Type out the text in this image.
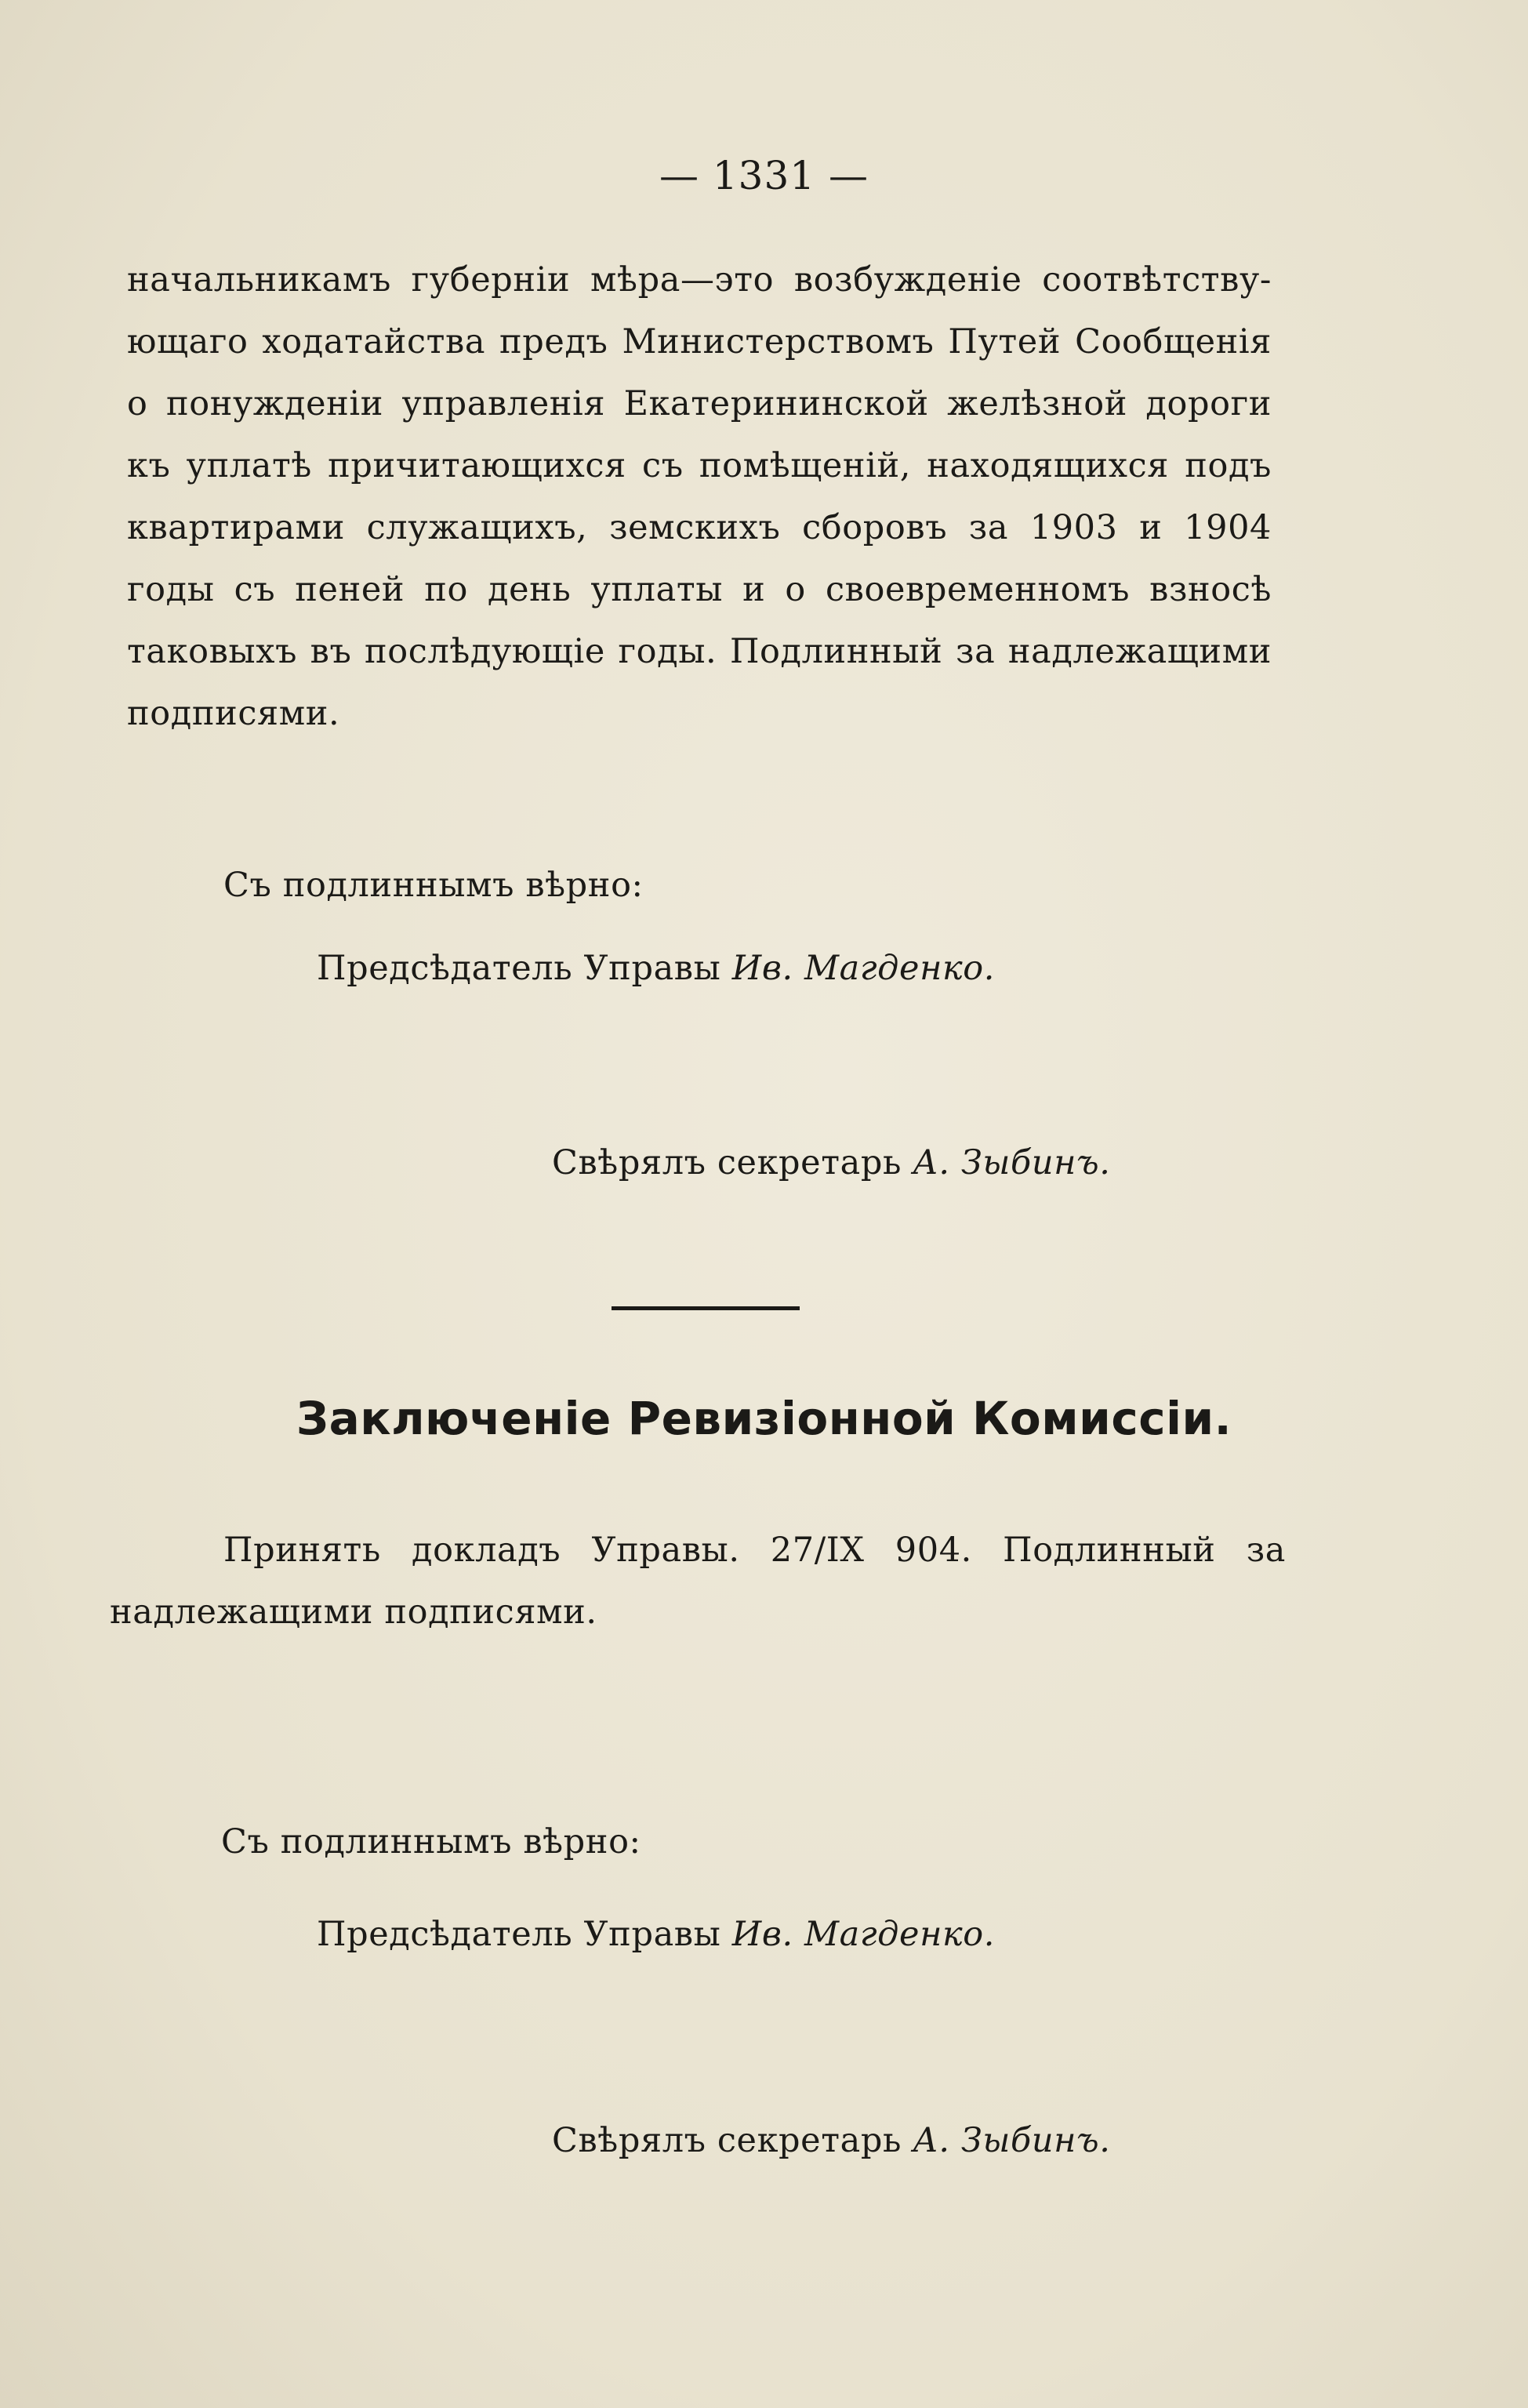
— 1331 —
начальникамъ губерніи мѣра—это возбужденіе соотвѣтству-
ющаго ходатайства предъ Министерствомъ Путей Сообщенія
о понужденіи управленія Екатерининской желѣзной дороги
къ уплатѣ причитающихся съ помѣщеній, находящихся подъ
квартирами служащихъ, земскихъ сборовъ за 1903 и 1904
годы съ пеней по день уплаты и о своевременномъ взносѣ
таковыхъ въ послѣдующіе годы. Подлинный за надлежащими
подписями.
Съ подлиннымъ вѣрно:
Предсѣдатель Управы Ив. Магденко.
Свѣрялъ секретарь А. Зыбинъ.
Заключеніе Ревизіонной Комиссіи.
Принять докладъ Управы. 27/IX 904. Подлинный за
надлежащими подписями.
Съ подлиннымъ вѣрно:
Предсѣдатель Управы Ив. Магденко.
Свѣрялъ секретарь А. Зыбинъ.
